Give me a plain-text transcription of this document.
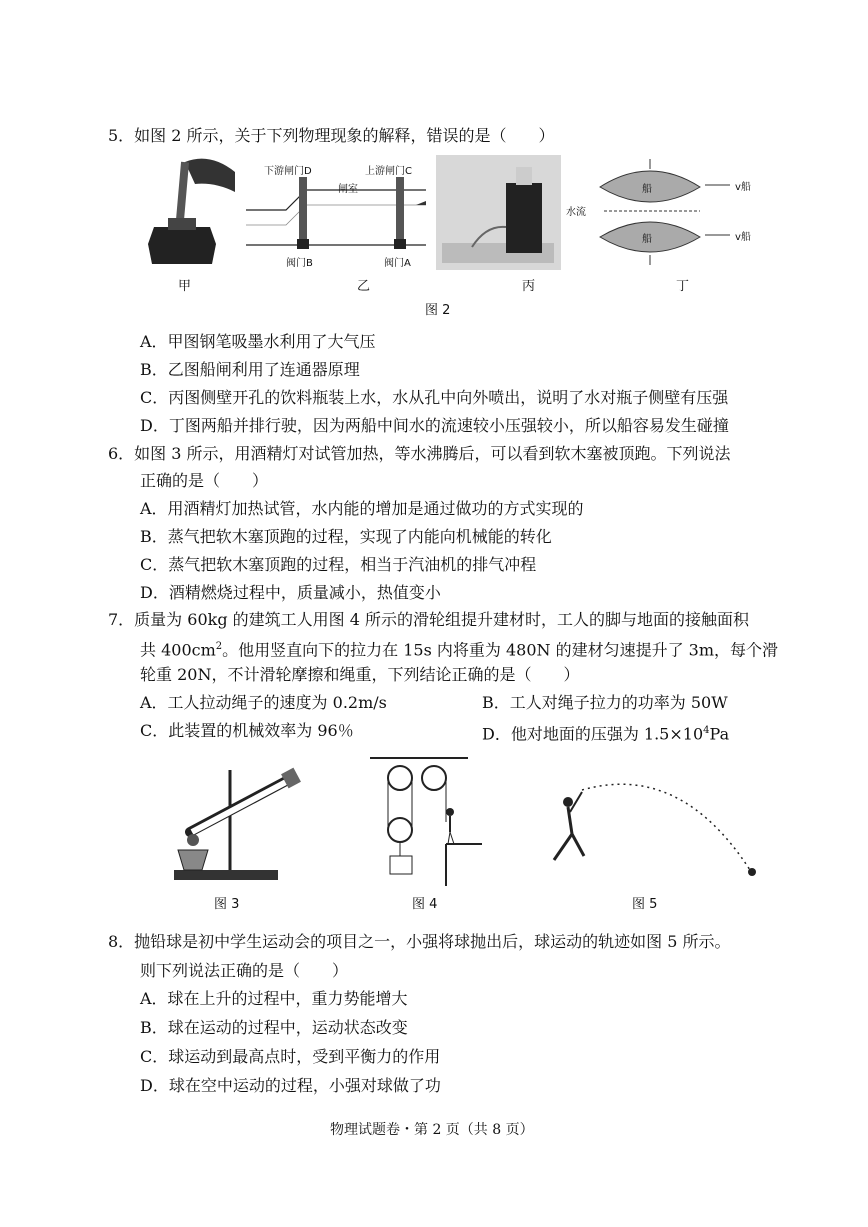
5．如图 2 所示，关于下列物理现象的解释，错误的是（　　）
甲
下游闸门D	上游闸门C
闸室
阀门B	阀门A
乙	丙
船
船
水流
v船
v船
丁
图 2
A．甲图钢笔吸墨水利用了大气压
B．乙图船闸利用了连通器原理
C．丙图侧壁开孔的饮料瓶装上水，水从孔中向外喷出，说明了水对瓶子侧壁有压强
D．丁图两船并排行驶，因为两船中间水的流速较小压强较小，所以船容易发生碰撞
6．如图 3 所示，用酒精灯对试管加热，等水沸腾后，可以看到软木塞被顶跑。下列说法
正确的是（　　）
A．用酒精灯加热试管，水内能的增加是通过做功的方式实现的
B．蒸气把软木塞顶跑的过程，实现了内能向机械能的转化
C．蒸气把软木塞顶跑的过程，相当于汽油机的排气冲程
D．酒精燃烧过程中，质量减小，热值变小
7．质量为 60kg 的建筑工人用图 4 所示的滑轮组提升建材时，工人的脚与地面的接触面积
共 $400cm^2$。他用竖直向下的拉力在 15s 内将重为 480N 的建材匀速提升了 3m，每个滑
轮重 20N，不计滑轮摩擦和绳重，下列结论正确的是（　　）
A．工人拉动绳子的速度为 0.2m/s	B．工人对绳子拉力的功率为 50W
C．此装置的机械效率为 96％	D．他对地面的压强为 $1.5\times 10^4Pa$
图 3	图 4	图 5
8．抛铅球是初中学生运动会的项目之一，小强将球抛出后，球运动的轨迹如图 5 所示。
则下列说法正确的是（　　）
A．球在上升的过程中，重力势能增大
B．球在运动的过程中，运动状态改变
C．球运动到最高点时，受到平衡力的作用
D．球在空中运动的过程，小强对球做了功
物理试题卷・第 2 页（共 8 页）
